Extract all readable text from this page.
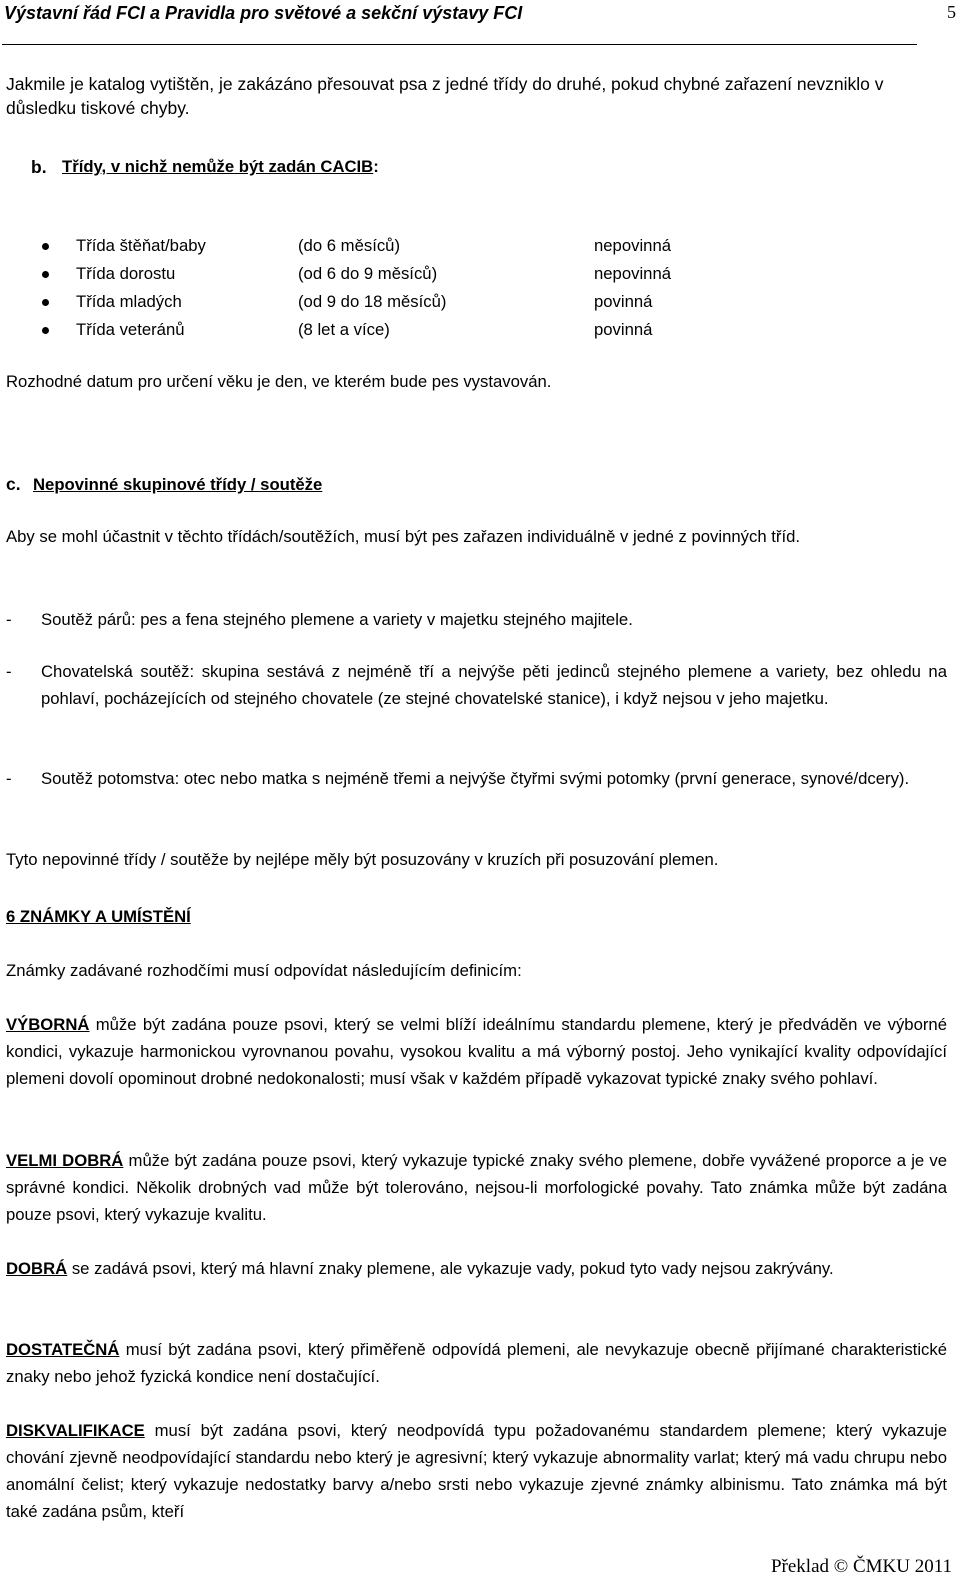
Výstavní řád FCI a Pravidla pro světové a sekční výstavy FCI	5
Jakmile je katalog vytištěn, je zakázáno přesouvat psa z jedné třídy do druhé, pokud chybné zařazení nevzniklo v důsledku tiskové chyby.
b. Třídy, v nichž nemůže být zadán CACIB:
Třída štěňat/baby	(do 6 měsíců)	nepovinná
Třída dorostu	(od 6 do 9 měsíců)	nepovinná
Třída mladých	(od 9 do 18 měsíců)	povinná
Třída veteránů	(8 let a více)	povinná
Rozhodné datum pro určení věku je den, ve kterém bude pes vystavován.
c. Nepovinné skupinové třídy / soutěže
Aby se mohl účastnit v těchto třídách/soutěžích, musí být pes zařazen individuálně v jedné z povinných tříd.
- Soutěž párů: pes a fena stejného plemene a variety v majetku stejného majitele.
- Chovatelská soutěž: skupina sestává z nejméně tří a nejvýše pěti jedinců stejného plemene a variety, bez ohledu na pohlaví, pocházejících od stejného chovatele (ze stejné chovatelské stanice), i když nejsou v jeho majetku.
- Soutěž potomstva: otec nebo matka s nejméně třemi a nejvýše čtyřmi svými potomky (první generace, synové/dcery).
Tyto nepovinné třídy / soutěže by nejlépe měly být posuzovány v kruzích při posuzování plemen.
6 ZNÁMKY A UMÍSTĚNÍ
Známky zadávané rozhodčími musí odpovídat následujícím definicím:
VÝBORNÁ může být zadána pouze psovi, který se velmi blíží ideálnímu standardu plemene, který je předváděn ve výborné kondici, vykazuje harmonickou vyrovnanou povahu, vysokou kvalitu a má výborný postoj. Jeho vynikající kvality odpovídající plemeni dovolí opominout drobné nedokonalosti; musí však v každém případě vykazovat typické znaky svého pohlaví.
VELMI DOBRÁ může být zadána pouze psovi, který vykazuje typické znaky svého plemene, dobře vyvážené proporce a je ve správné kondici. Několik drobných vad může být tolerováno, nejsou-li morfologické povahy. Tato známka může být zadána pouze psovi, který vykazuje kvalitu.
DOBRÁ se zadává psovi, který má hlavní znaky plemene, ale vykazuje vady, pokud tyto vady nejsou zakrývány.
DOSTATEČNÁ musí být zadána psovi, který přiměřeně odpovídá plemeni, ale nevykazuje obecně přijímané charakteristické znaky nebo jehož fyzická kondice není dostačující.
DISKVALIFIKACE musí být zadána psovi, který neodpovídá typu požadovanému standardem plemene; který vykazuje chování zjevně neodpovídající standardu nebo který je agresivní; který vykazuje abnormality varlat; který má vadu chrupu nebo anomální čelist; který vykazuje nedostatky barvy a/nebo srsti nebo vykazuje zjevné známky albinismu. Tato známka má být také zadána psům, kteří
Překlad © ČMKU 2011
